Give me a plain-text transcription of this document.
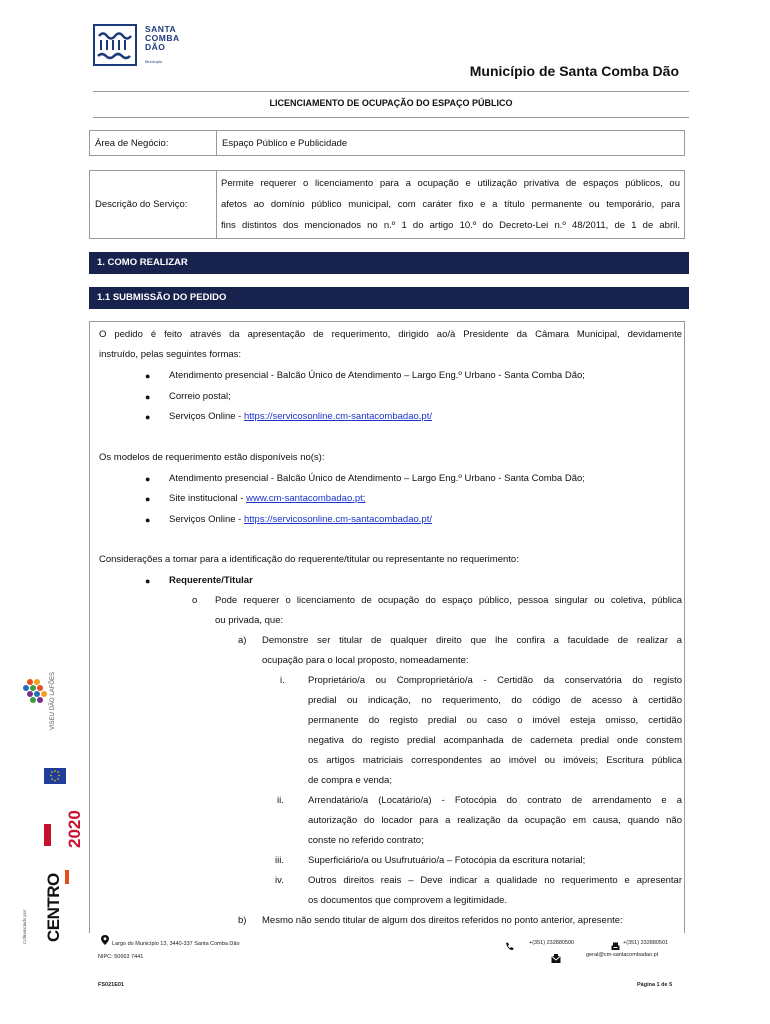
SANTA
COMBA
DÃO
Município
Município de Santa Comba Dão
LICENCIAMENTO DE OCUPAÇÃO DO ESPAÇO PÚBLICO
Área de Negócio:	Espaço Público e Publicidade
Descrição do Serviço:	
Permite requerer o licenciamento para a ocupação e utilização privativa de espaços públicos, ou
afetos ao domínio público municipal, com caráter fixo e a título permanente ou temporário, para
fins distintos dos mencionados no n.º 1 do artigo 10.º do Decreto-Lei n.º 48/2011, de 1 de abril.
1. COMO REALIZAR
1.1 SUBMISSÃO DO PEDIDO
O pedido é feito através da apresentação de requerimento, dirigido ao/à Presidente da Câmara Municipal, devidamente
instruído, pelas seguintes formas:
● Atendimento presencial - Balcão Único de Atendimento – Largo Eng.º Urbano - Santa Comba Dão;
● Correio postal;
● Serviços Online - https://servicosonline.cm-santacombadao.pt/
Os modelos de requerimento estão disponíveis no(s):
● Atendimento presencial - Balcão Único de Atendimento – Largo Eng.º Urbano - Santa Comba Dão;
● Site institucional - www.cm-santacombadao.pt;
● Serviços Online - https://servicosonline.cm-santacombadao.pt/
Considerações a tomar para a identificação do requerente/titular ou representante no requerimento:
● Requerente/Titular
o Pode requerer o licenciamento de ocupação do espaço público, pessoa singular ou coletiva, pública
ou privada, que:
a) Demonstre ser titular de qualquer direito que lhe confira a faculdade de realizar a
ocupação para o local proposto, nomeadamente:
i. Proprietário/a ou Comproprietário/a - Certidão da conservatória do registo
predial ou indicação, no requerimento, do código de acesso à certidão
permanente do registo predial ou caso o imóvel esteja omisso, certidão
negativa do registo predial acompanhada de caderneta predial onde constem
os artigos matriciais correspondentes ao imóvel ou imóveis; Escritura pública
de compra e venda;
ii.	Arrendatário/a (Locatário/a) - Fotocópia do contrato de arrendamento e a
autorização do locador para a realização da ocupação em causa, quando não
conste no referido contrato;
iii.	Superficiário/a ou Usufrutuário/a – Fotocópia da escritura notarial;
iv.	Outros direitos reais – Deve indicar a qualidade no requerimento e apresentar
os documentos que comprovem a legitimidade.
b) Mesmo não sendo titular de algum dos direitos referidos no ponto anterior, apresente:
Largo do Município 13, 3440-337 Santa Comba Dão
NIPC: 50663 7441
+(351) 232880500	+(351) 232880501
geral@cm-santacombadao.pt
FS021E01	Página 1 de 5
VISEU DÃO LAFÕES
2020
Cofinanciado por: CENTRO
